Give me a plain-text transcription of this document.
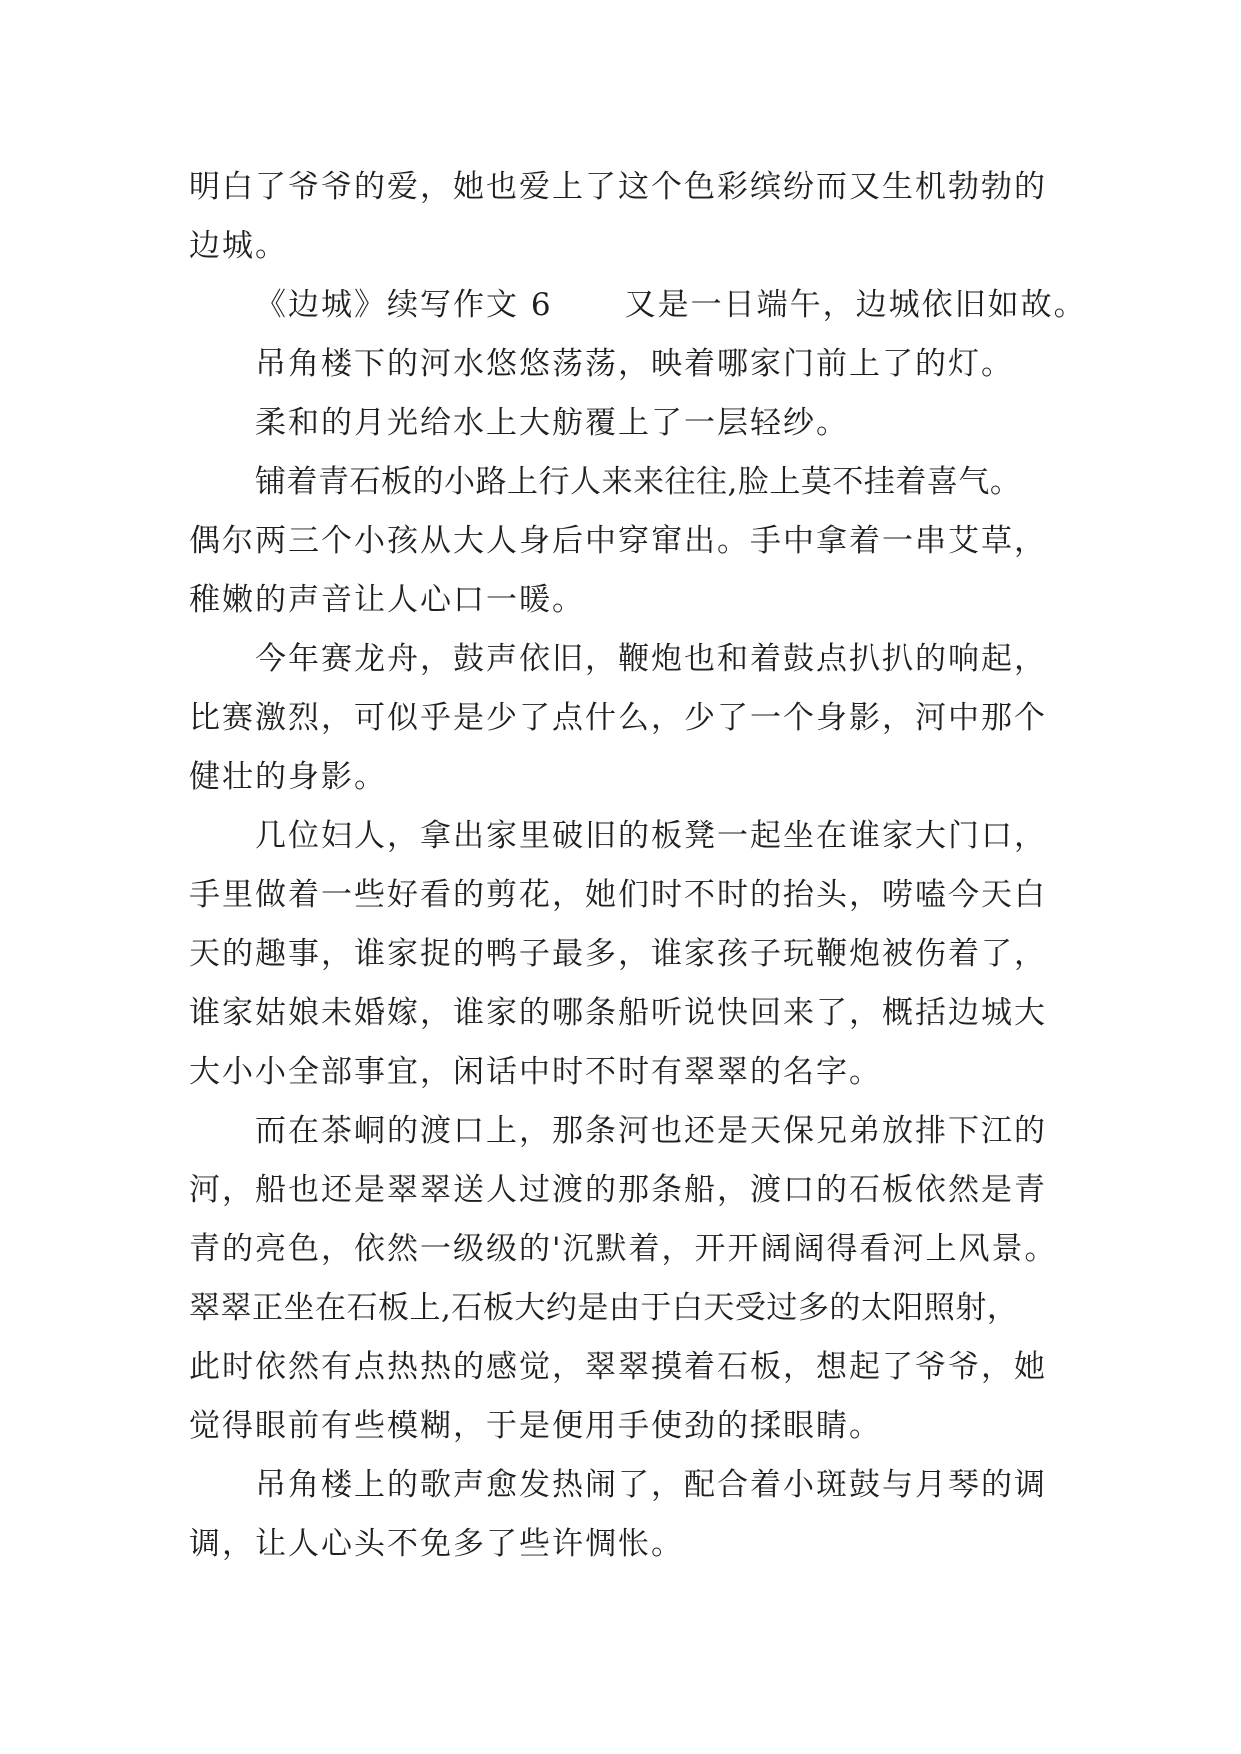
明白了爷爷的爱，她也爱上了这个色彩缤纷而又生机勃勃的
边城。
《边城》续写作文 6 又是一日端午，边城依旧如故。
吊角楼下的河水悠悠荡荡，映着哪家门前上了的灯。
柔和的月光给水上大舫覆上了一层轻纱。
铺着青石板的小路上行人来来往往,脸上莫不挂着喜气。
偶尔两三个小孩从大人身后中穿窜出。手中拿着一串艾草，
稚嫩的声音让人心口一暖。
今年赛龙舟，鼓声依旧，鞭炮也和着鼓点扒扒的响起，
比赛激烈，可似乎是少了点什么，少了一个身影，河中那个
健壮的身影。
几位妇人，拿出家里破旧的板凳一起坐在谁家大门口，
手里做着一些好看的剪花，她们时不时的抬头，唠嗑今天白
天的趣事，谁家捉的鸭子最多，谁家孩子玩鞭炮被伤着了，
谁家姑娘未婚嫁，谁家的哪条船听说快回来了，概括边城大
大小小全部事宜，闲话中时不时有翠翠的名字。
而在茶峒的渡口上，那条河也还是天保兄弟放排下江的
河，船也还是翠翠送人过渡的那条船，渡口的石板依然是青
青的亮色，依然一级级的'沉默着，开开阔阔得看河上风景。
翠翠正坐在石板上,石板大约是由于白天受过多的太阳照射，
此时依然有点热热的感觉，翠翠摸着石板，想起了爷爷，她
觉得眼前有些模糊，于是便用手使劲的揉眼睛。
吊角楼上的歌声愈发热闹了，配合着小斑鼓与月琴的调
调，让人心头不免多了些许惆怅。
